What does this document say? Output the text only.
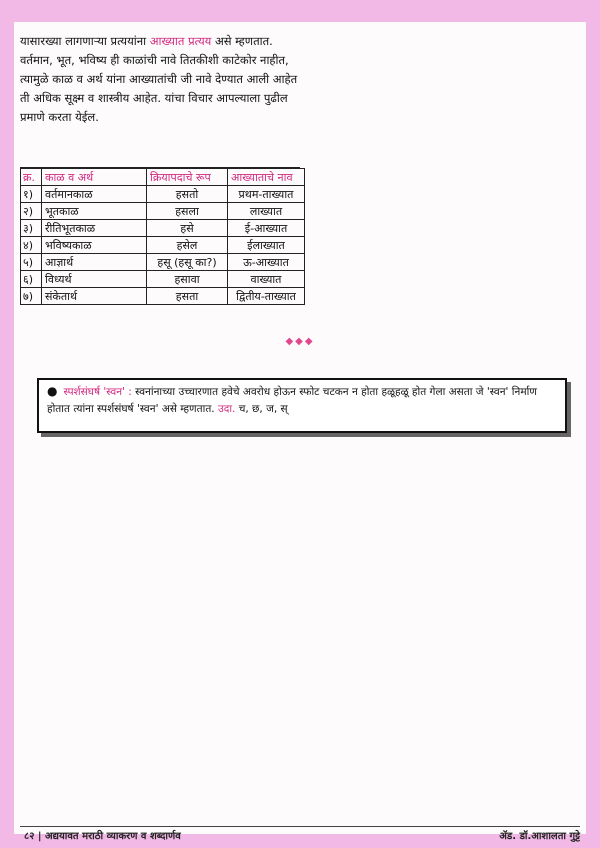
यासारख्या लागणाऱ्या प्रत्ययांना आख्यात प्रत्यय असे म्हणतात.

वर्तमान, भूत, भविष्य ही काळांची नावे तितकीशी काटेकोर नाहीत, त्यामुळे काळ व अर्थ यांना आख्यातांची जी नावे देण्यात आली आहेत ती अधिक सूक्ष्म व शास्त्रीय आहेत. यांचा विचार आपल्याला पुढील प्रमाणे करता येईल.

क्र.	काळ व अर्थ	क्रियापदाचे रूप	आख्याताचे नाव
१)	वर्तमानकाळ	हसतो	प्रथम-ताख्यात
२)	भूतकाळ	हसला	लाख्यात
३)	रीतिभूतकाळ	हसे	ई-आख्यात
४)	भविष्यकाळ	हसेल	ईलाख्यात
५)	आज्ञार्थ	हसू (हसू का?)	ऊ-आख्यात
६)	विध्यर्थ	हसावा	वाख्यात
७)	संकेतार्थ	हसता	द्वितीय-ताख्यात
◆◆◆
● स्पर्शसंघर्ष 'स्वन' : स्वनांनाच्या उच्चारणात हवेचे अवरोध होऊन स्फोट चटकन न होता हळूहळू होत गेला असता जे 'स्वन' निर्माण होतात त्यांना स्पर्शसंघर्ष 'स्वन' असे म्हणतात. उदा. च, छ, ज, स्
८२ | अद्ययावत मराठी व्याकरण व शब्दार्णव	ॲड. डॉ.आशालता गुट्टे
